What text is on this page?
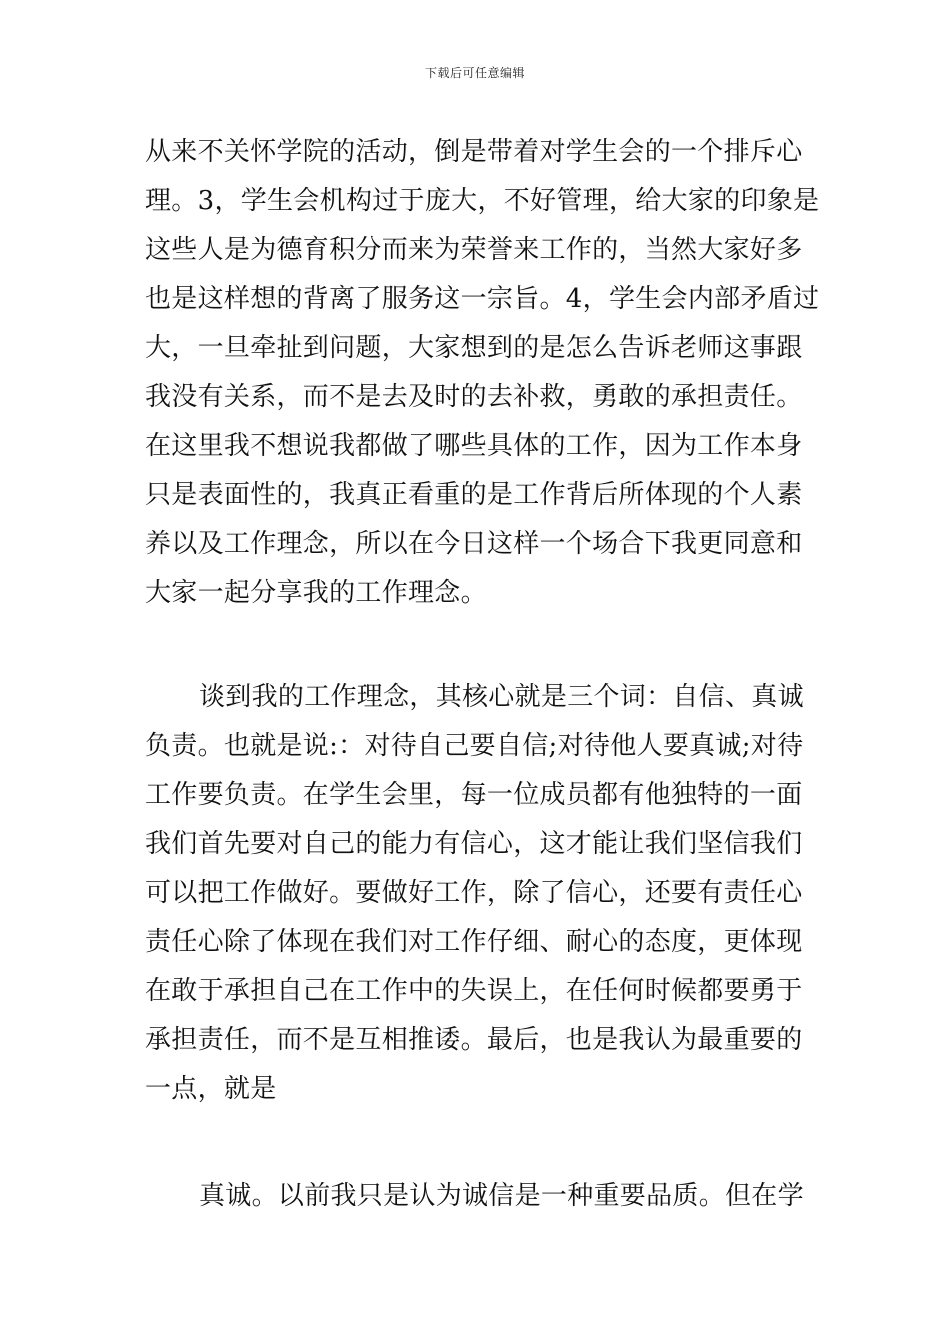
下载后可任意编辑
从来不关怀学院的活动，倒是带着对学生会的一个排斥心
理。3，学生会机构过于庞大，不好管理，给大家的印象是
这些人是为德育积分而来为荣誉来工作的，当然大家好多
也是这样想的背离了服务这一宗旨。4，学生会内部矛盾过
大，一旦牵扯到问题，大家想到的是怎么告诉老师这事跟
我没有关系，而不是去及时的去补救，勇敢的承担责任。
在这里我不想说我都做了哪些具体的工作，因为工作本身
只是表面性的，我真正看重的是工作背后所体现的个人素
养以及工作理念，所以在今日这样一个场合下我更同意和
大家一起分享我的工作理念。
谈到我的工作理念，其核心就是三个词：自信、真诚
负责。也就是说:：对待自己要自信;对待他人要真诚;对待
工作要负责。在学生会里，每一位成员都有他独特的一面
我们首先要对自己的能力有信心，这才能让我们坚信我们
可以把工作做好。要做好工作，除了信心，还要有责任心
责任心除了体现在我们对工作仔细、耐心的态度，更体现
在敢于承担自己在工作中的失误上，在任何时候都要勇于
承担责任，而不是互相推诿。最后，也是我认为最重要的
一点，就是
真诚。以前我只是认为诚信是一种重要品质。但在学
